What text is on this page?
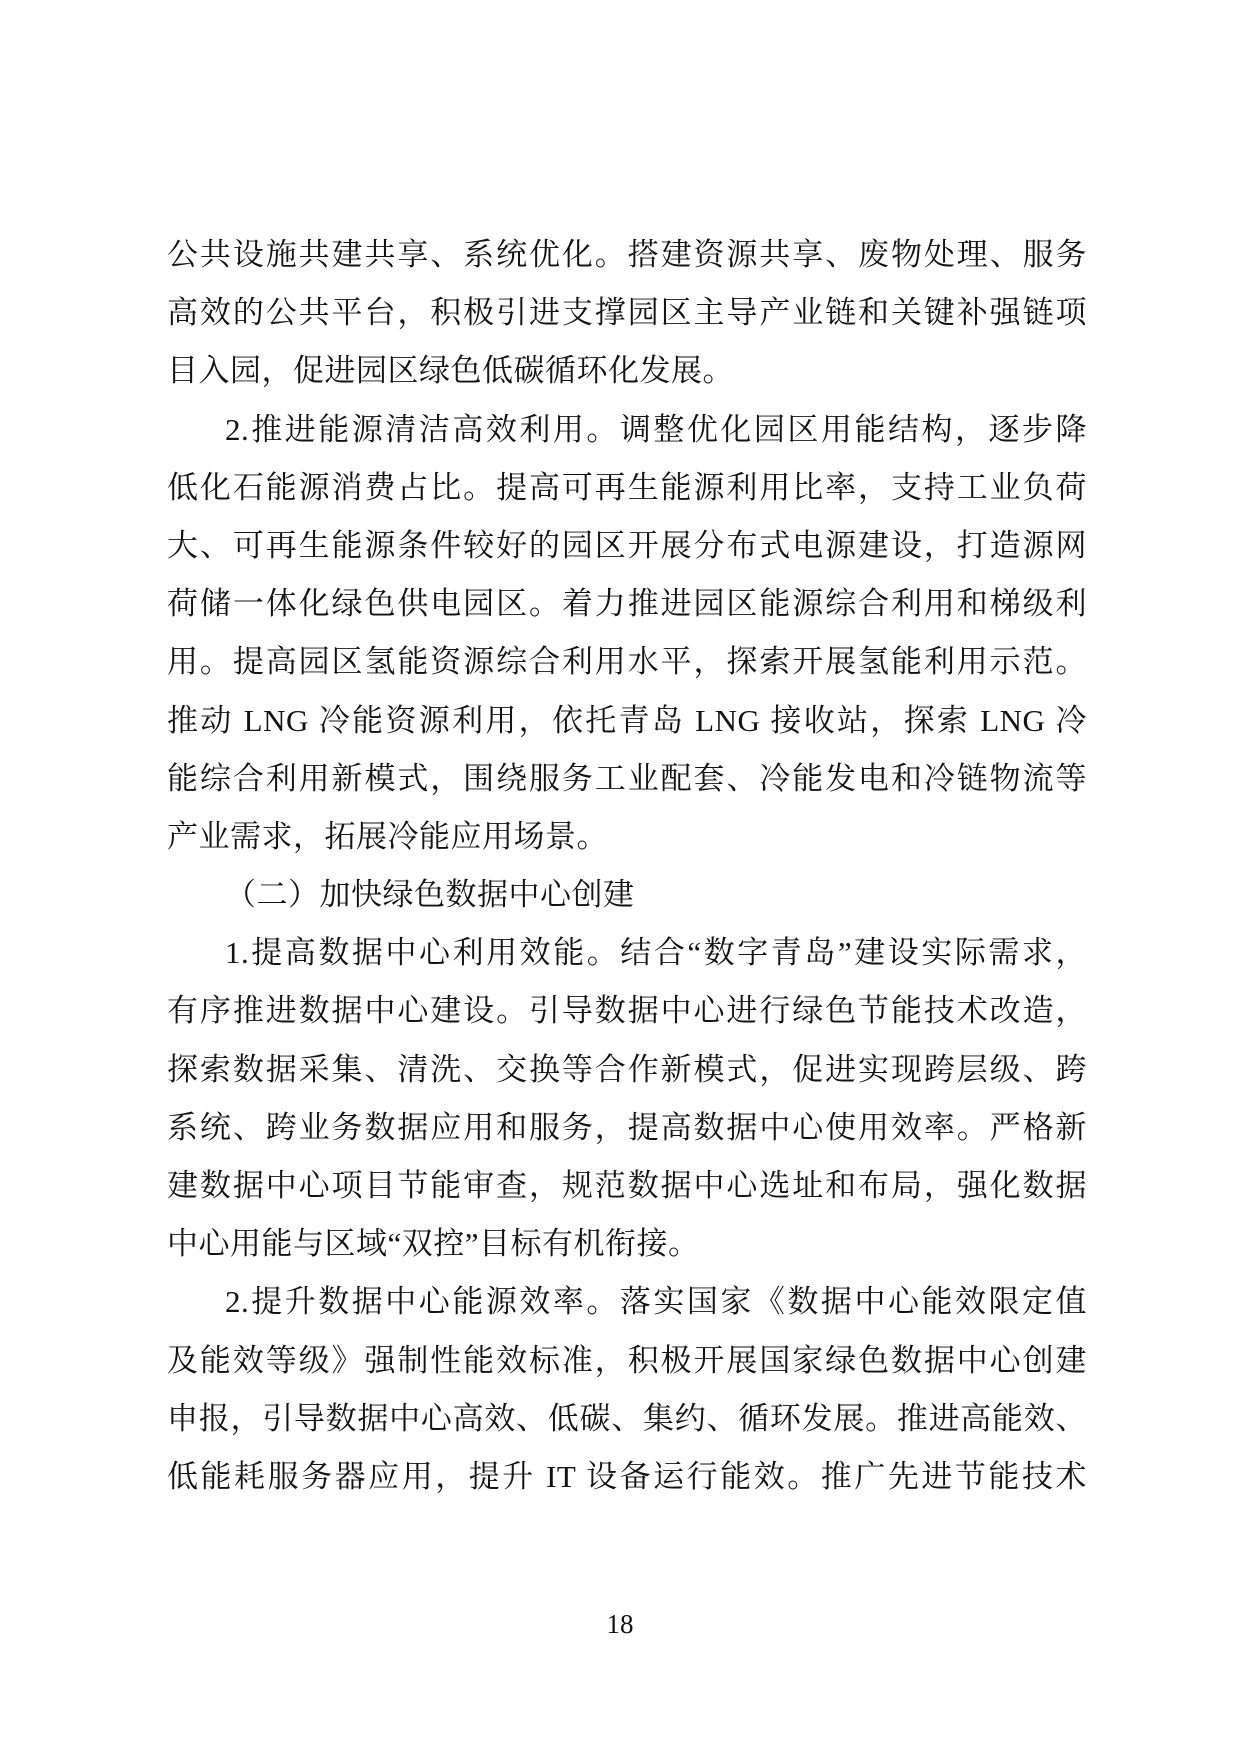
公共设施共建共享、系统优化。搭建资源共享、废物处理、服务
高效的公共平台，积极引进支撑园区主导产业链和关键补强链项
目入园，促进园区绿色低碳循环化发展。
2.推进能源清洁高效利用。调整优化园区用能结构，逐步降
低化石能源消费占比。提高可再生能源利用比率，支持工业负荷
大、可再生能源条件较好的园区开展分布式电源建设，打造源网
荷储一体化绿色供电园区。着力推进园区能源综合利用和梯级利
用。提高园区氢能资源综合利用水平，探索开展氢能利用示范。
推动 LNG 冷能资源利用，依托青岛 LNG 接收站，探索 LNG 冷
能综合利用新模式，围绕服务工业配套、冷能发电和冷链物流等
产业需求，拓展冷能应用场景。
（二）加快绿色数据中心创建
1.提高数据中心利用效能。结合“数字青岛”建设实际需求，
有序推进数据中心建设。引导数据中心进行绿色节能技术改造，
探索数据采集、清洗、交换等合作新模式，促进实现跨层级、跨
系统、跨业务数据应用和服务，提高数据中心使用效率。严格新
建数据中心项目节能审查，规范数据中心选址和布局，强化数据
中心用能与区域“双控”目标有机衔接。
2.提升数据中心能源效率。落实国家《数据中心能效限定值
及能效等级》强制性能效标准，积极开展国家绿色数据中心创建
申报，引导数据中心高效、低碳、集约、循环发展。推进高能效、
低能耗服务器应用，提升 IT 设备运行能效。推广先进节能技术
18
